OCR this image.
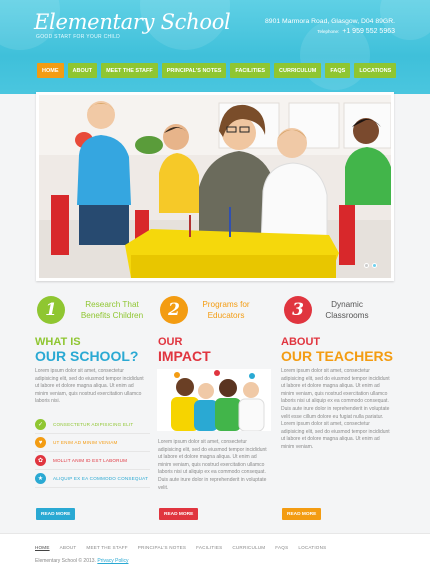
Elementary School
GOOD START FOR YOUR CHILD
8901 Marmora Road, Glasgow, D04 89GR.
Telephone: +1 959 552 5963
HOME	ABOUT	MEET THE STAFF	PRINCIPAL'S NOTES	FACILITIES	CURRICULUM	FAQS	LOCATIONS
1	Research That Benefits Children	2	Programs for Educators	3	Dynamic Classrooms
WHAT IS
OUR SCHOOL?
Lorem ipsum dolor sit amet, consectetur adipisicing elit, sed do eiusmod tempor incididunt ut labore et dolore magna aliqua. Ut enim ad minim veniam, quis nostrud exercitation ullamco laboris nisi.
✓	CONSECTETUR ADIPISICING ELIT
♥	UT ENIM AD MINIM VENIAM
✿	MOLLIT ANIM ID EST LABORUM
★	ALIQUIP EX EA COMMODO CONSEQUAT
READ MORE
OUR
IMPACT
Lorem ipsum dolor sit amet, consectetur adipisicing elit, sed do eiusmod tempor incididunt ut labore et dolore magna aliqua. Ut enim ad minim veniam, quis nostrud exercitation ullamco laboris nisi ut aliquip ex ea commodo consequat. Duis aute irure dolor in reprehenderit in voluptate velit.
READ MORE
ABOUT
OUR TEACHERS
Lorem ipsum dolor sit amet, consectetur adipisicing elit, sed do eiusmod tempor incididunt ut labore et dolore magna aliqua. Ut enim ad minim veniam, quis nostrud exercitation ullamco laboris nisi ut aliquip ex ea commodo consequat. Duis aute irure dolor in reprehenderit in voluptate velit esse cillum dolore eu fugiat nulla pariatur. Lorem ipsum dolor sit amet, consectetur adipisicing elit, sed do eiusmod tempor incididunt ut labore et dolore magna aliqua. Ut enim ad minim veniam.
READ MORE
HOME ABOUT MEET THE STAFF PRINCIPAL'S NOTES FACILITIES CURRICULUM FAQS LOCATIONS
Elementary School © 2013. Privacy Policy
